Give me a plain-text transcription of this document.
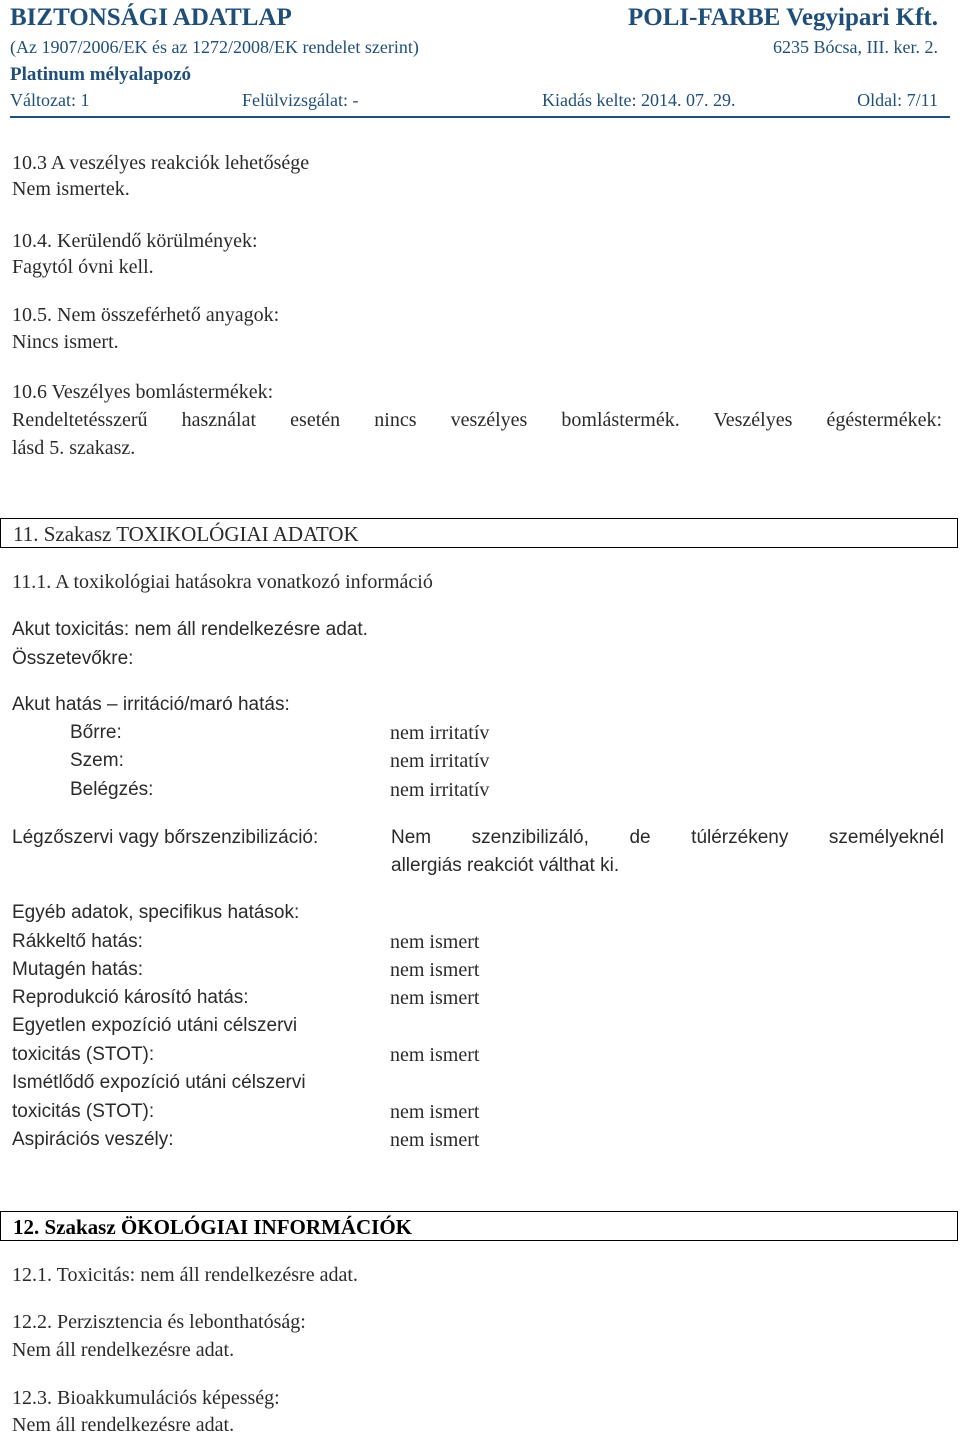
BIZTONSÁGI ADATLAP	POLI-FARBE Vegyipari Kft.
(Az 1907/2006/EK és az 1272/2008/EK rendelet szerint)	6235 Bócsa, III. ker. 2.
Platinum mélyalapozó
Változat: 1	Felülvizsgálat: -	Kiadás kelte: 2014. 07. 29.	Oldal: 7/11
10.3 A veszélyes reakciók lehetősége
Nem ismertek.
10.4. Kerülendő körülmények:
Fagytól óvni kell.
10.5. Nem összeférhető anyagok:
Nincs ismert.
10.6 Veszélyes bomlástermékek:
Rendeltetésszerű használat esetén nincs veszélyes bomlástermék. Veszélyes égéstermékek:
lásd 5. szakasz.
11. Szakasz TOXIKOLÓGIAI ADATOK
11.1. A toxikológiai hatásokra vonatkozó információ
Akut toxicitás: nem áll rendelkezésre adat.
Összetevőkre:
Akut hatás – irritáció/maró hatás:
Bőrre:	nem irritatív
Szem:	nem irritatív
Belégzés:	nem irritatív
Légzőszervi vagy bőrszenzibilizáció:	Nem szenzibilizáló, de túlérzékeny személyeknél
allergiás reakciót válthat ki.
Egyéb adatok, specifikus hatások:
Rákkeltő hatás:	nem ismert
Mutagén hatás:	nem ismert
Reprodukció károsító hatás:	nem ismert
Egyetlen expozíció utáni célszervi
toxicitás (STOT):	nem ismert
Ismétlődő expozíció utáni célszervi
toxicitás (STOT):	nem ismert
Aspirációs veszély:	nem ismert
12. Szakasz ÖKOLÓGIAI INFORMÁCIÓK
12.1. Toxicitás: nem áll rendelkezésre adat.
12.2. Perzisztencia és lebonthatóság:
Nem áll rendelkezésre adat.
12.3. Bioakkumulációs képesség:
Nem áll rendelkezésre adat.
